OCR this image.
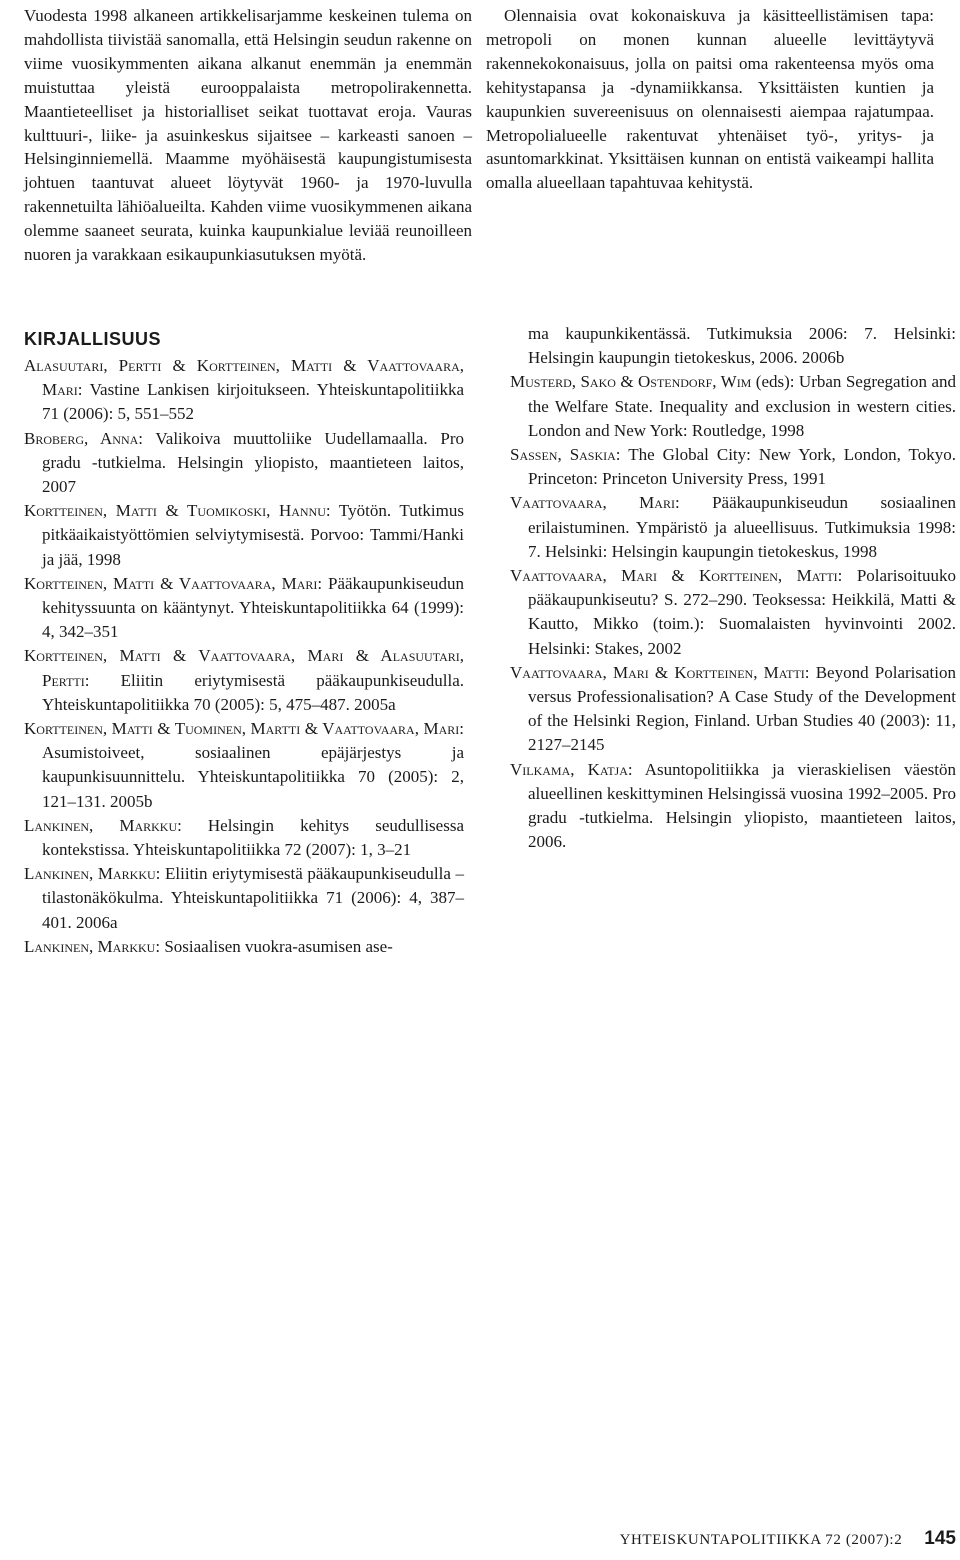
Vuodesta 1998 alkaneen artikkelisarjamme keskeinen tulema on mahdollista tiivistää sanomalla, että Helsingin seudun rakenne on viime vuosikymmenten aikana alkanut enemmän ja enemmän muistuttaa yleistä eurooppalaista metropolirakennetta. Maantieteelliset ja historialliset seikat tuottavat eroja. Vauras kulttuuri-, liike- ja asuinkeskus sijaitsee – karkeasti sanoen – Helsinginniemellä. Maamme myöhäisestä kaupungistumisesta johtuen taantuvat alueet löytyvät 1960- ja 1970-luvulla rakennetuilta lähiöalueilta. Kahden viime vuosikymmenen aikana olemme saaneet seurata, kuinka kaupunkialue leviää reunoilleen nuoren ja varakkaan esikaupunkiasutuksen myötä.

Olennaisia ovat kokonaiskuva ja käsitteellistämisen tapa: metropoli on monen kunnan alueelle levittäytyvä rakennekokonaisuus, jolla on paitsi oma rakenteensa myös oma kehitystapansa ja -dynamiikkansa. Yksittäisten kuntien ja kaupunkien suvereenisuus on olennaisesti aiempaa rajatumpaa. Metropolialueelle rakentuvat yhtenäiset työ-, yritys- ja asuntomarkkinat. Yksittäisen kunnan on entistä vaikeampi hallita omalla alueellaan tapahtuvaa kehitystä.

KIRJALLISUUS

Alasuutari, Pertti & Kortteinen, Matti & Vaattovaara, Mari: Vastine Lankisen kirjoitukseen. Yhteiskuntapolitiikka 71 (2006): 5, 551–552

Broberg, Anna: Valikoiva muuttoliike Uudellamaalla. Pro gradu -tutkielma. Helsingin yliopisto, maantieteen laitos, 2007

Kortteinen, Matti & Tuomikoski, Hannu: Työtön. Tutkimus pitkäaikaistyöttömien selviytymisestä. Porvoo: Tammi/Hanki ja jää, 1998

Kortteinen, Matti & Vaattovaara, Mari: Pääkaupunkiseudun kehityssuunta on kääntynyt. Yhteiskuntapolitiikka 64 (1999): 4, 342–351

Kortteinen, Matti & Vaattovaara, Mari & Alasuutari, Pertti: Eliitin eriytymisestä pääkaupunkiseudulla. Yhteiskuntapolitiikka 70 (2005): 5, 475–487. 2005a

Kortteinen, Matti & Tuominen, Martti & Vaattovaara, Mari: Asumistoiveet, sosiaalinen epäjärjestys ja kaupunkisuunnittelu. Yhteiskuntapolitiikka 70 (2005): 2, 121–131. 2005b

Lankinen, Markku: Helsingin kehitys seudullisessa kontekstissa. Yhteiskuntapolitiikka 72 (2007): 1, 3–21

Lankinen, Markku: Eliitin eriytymisestä pääkaupunkiseudulla – tilastonäkökulma. Yhteiskuntapolitiikka 71 (2006): 4, 387–401. 2006a

Lankinen, Markku: Sosiaalisen vuokra-asumisen ase-

ma kaupunkikentässä. Tutkimuksia 2006: 7. Helsinki: Helsingin kaupungin tietokeskus, 2006. 2006b

Musterd, Sako & Ostendorf, Wim (eds): Urban Segregation and the Welfare State. Inequality and exclusion in western cities. London and New York: Routledge, 1998

Sassen, Saskia: The Global City: New York, London, Tokyo. Princeton: Princeton University Press, 1991

Vaattovaara, Mari: Pääkaupunkiseudun sosiaalinen erilaistuminen. Ympäristö ja alueellisuus. Tutkimuksia 1998: 7. Helsinki: Helsingin kaupungin tietokeskus, 1998

Vaattovaara, Mari & Kortteinen, Matti: Polarisoituuko pääkaupunkiseutu? S. 272–290. Teoksessa: Heikkilä, Matti & Kautto, Mikko (toim.): Suomalaisten hyvinvointi 2002. Helsinki: Stakes, 2002

Vaattovaara, Mari & Kortteinen, Matti: Beyond Polarisation versus Professionalisation? A Case Study of the Development of the Helsinki Region, Finland. Urban Studies 40 (2003): 11, 2127–2145

Vilkama, Katja: Asuntopolitiikka ja vieraskielisen väestön alueellinen keskittyminen Helsingissä vuosina 1992–2005. Pro gradu -tutkielma. Helsingin yliopisto, maantieteen laitos, 2006.

YHTEISKUNTAPOLITIIKKA 72 (2007):2 145
